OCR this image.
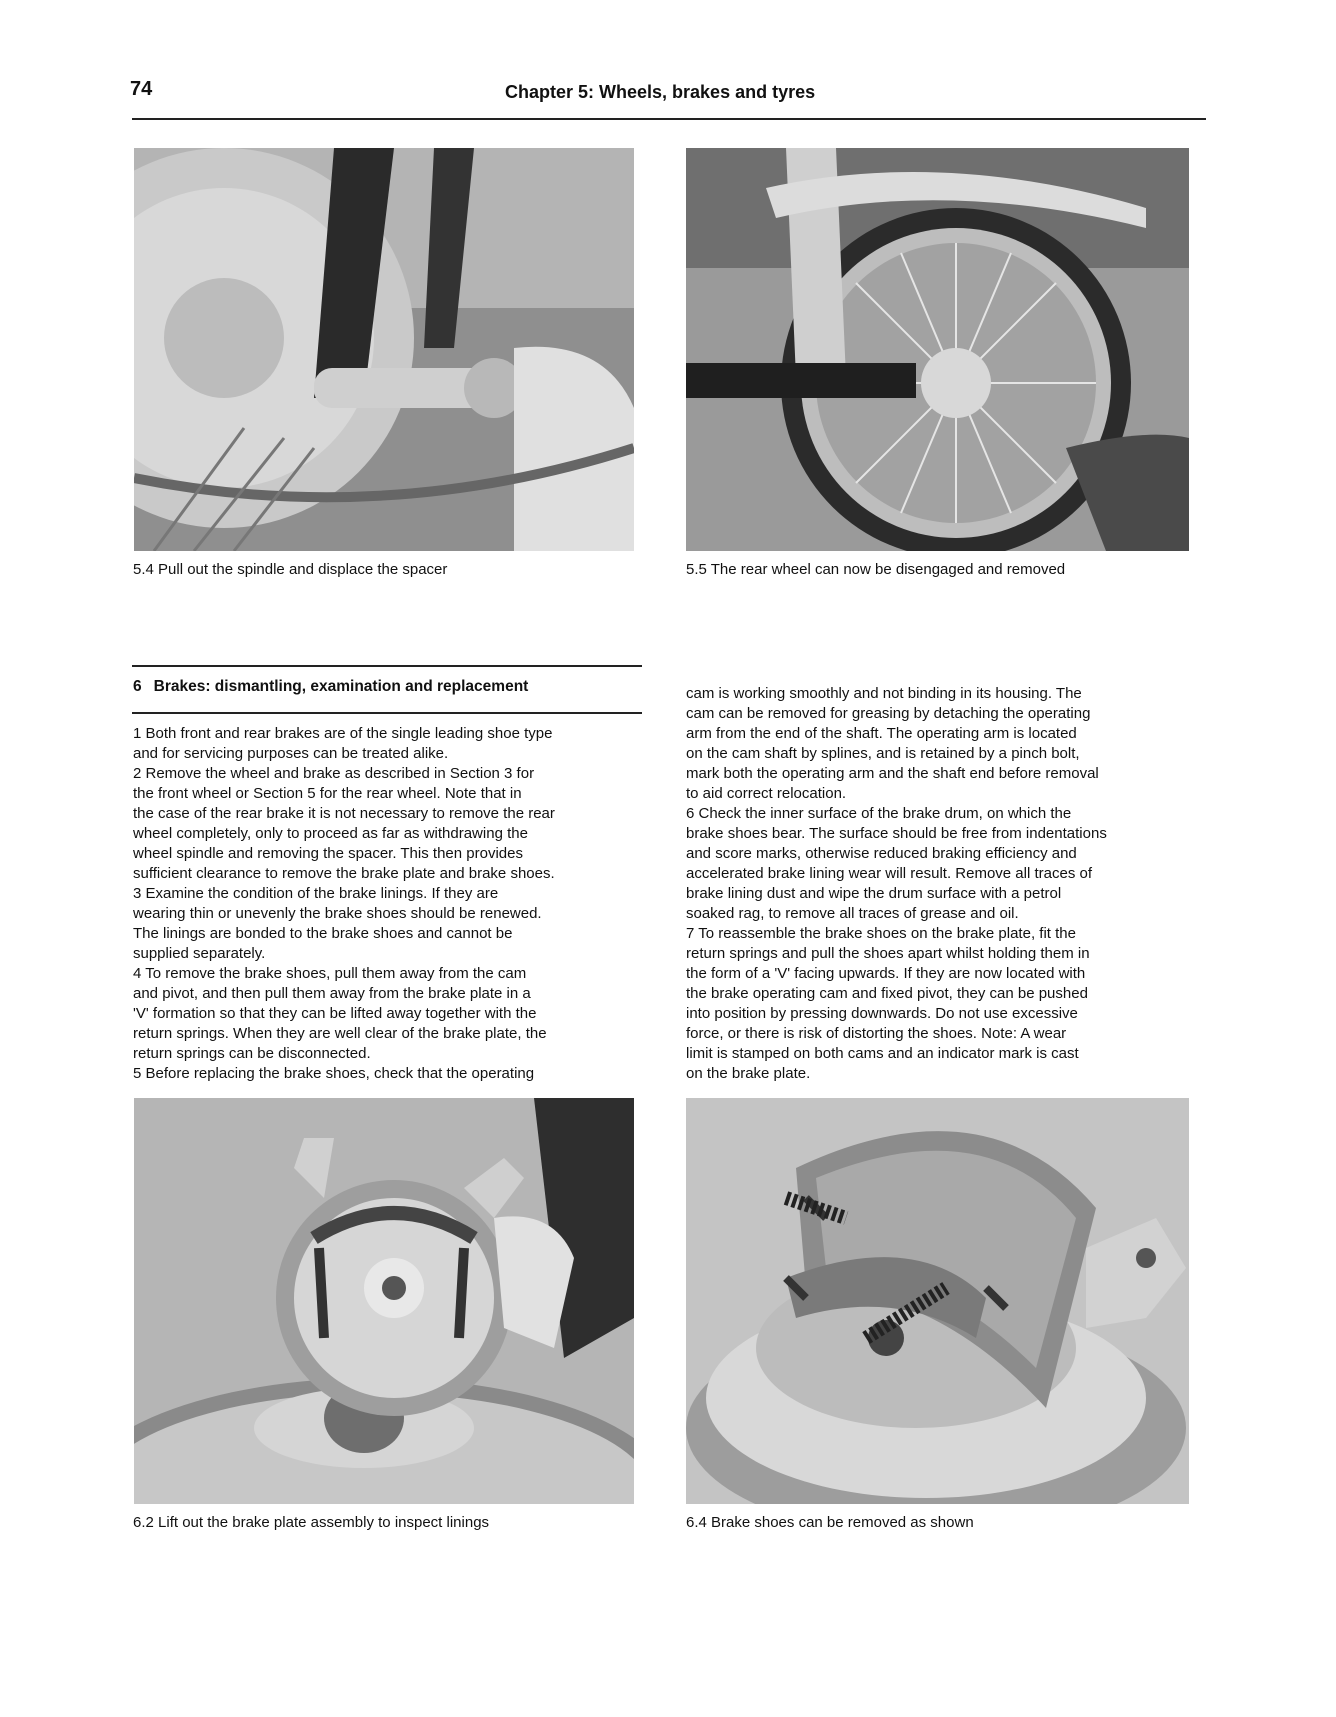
74	Chapter 5: Wheels, brakes and tyres
5.4 Pull out the spindle and displace the spacer	5.5 The rear wheel can now be disengaged and removed
6 Brakes: dismantling, examination and replacement
1 Both front and rear brakes are of the single leading shoe type
and for servicing purposes can be treated alike.
2 Remove the wheel and brake as described in Section 3 for
the front wheel or Section 5 for the rear wheel. Note that in
the case of the rear brake it is not necessary to remove the rear
wheel completely, only to proceed as far as withdrawing the
wheel spindle and removing the spacer. This then provides
sufficient clearance to remove the brake plate and brake shoes.
3 Examine the condition of the brake linings. If they are
wearing thin or unevenly the brake shoes should be renewed.
The linings are bonded to the brake shoes and cannot be
supplied separately.
4 To remove the brake shoes, pull them away from the cam
and pivot, and then pull them away from the brake plate in a
'V' formation so that they can be lifted away together with the
return springs. When they are well clear of the brake plate, the
return springs can be disconnected.
5 Before replacing the brake shoes, check that the operating
cam is working smoothly and not binding in its housing. The
cam can be removed for greasing by detaching the operating
arm from the end of the shaft. The operating arm is located
on the cam shaft by splines, and is retained by a pinch bolt,
mark both the operating arm and the shaft end before removal
to aid correct relocation.
6 Check the inner surface of the brake drum, on which the
brake shoes bear. The surface should be free from indentations
and score marks, otherwise reduced braking efficiency and
accelerated brake lining wear will result. Remove all traces of
brake lining dust and wipe the drum surface with a petrol
soaked rag, to remove all traces of grease and oil.
7 To reassemble the brake shoes on the brake plate, fit the
return springs and pull the shoes apart whilst holding them in
the form of a 'V' facing upwards. If they are now located with
the brake operating cam and fixed pivot, they can be pushed
into position by pressing downwards. Do not use excessive
force, or there is risk of distorting the shoes. Note: A wear
limit is stamped on both cams and an indicator mark is cast
on the brake plate.
6.2 Lift out the brake plate assembly to inspect linings	6.4 Brake shoes can be removed as shown
